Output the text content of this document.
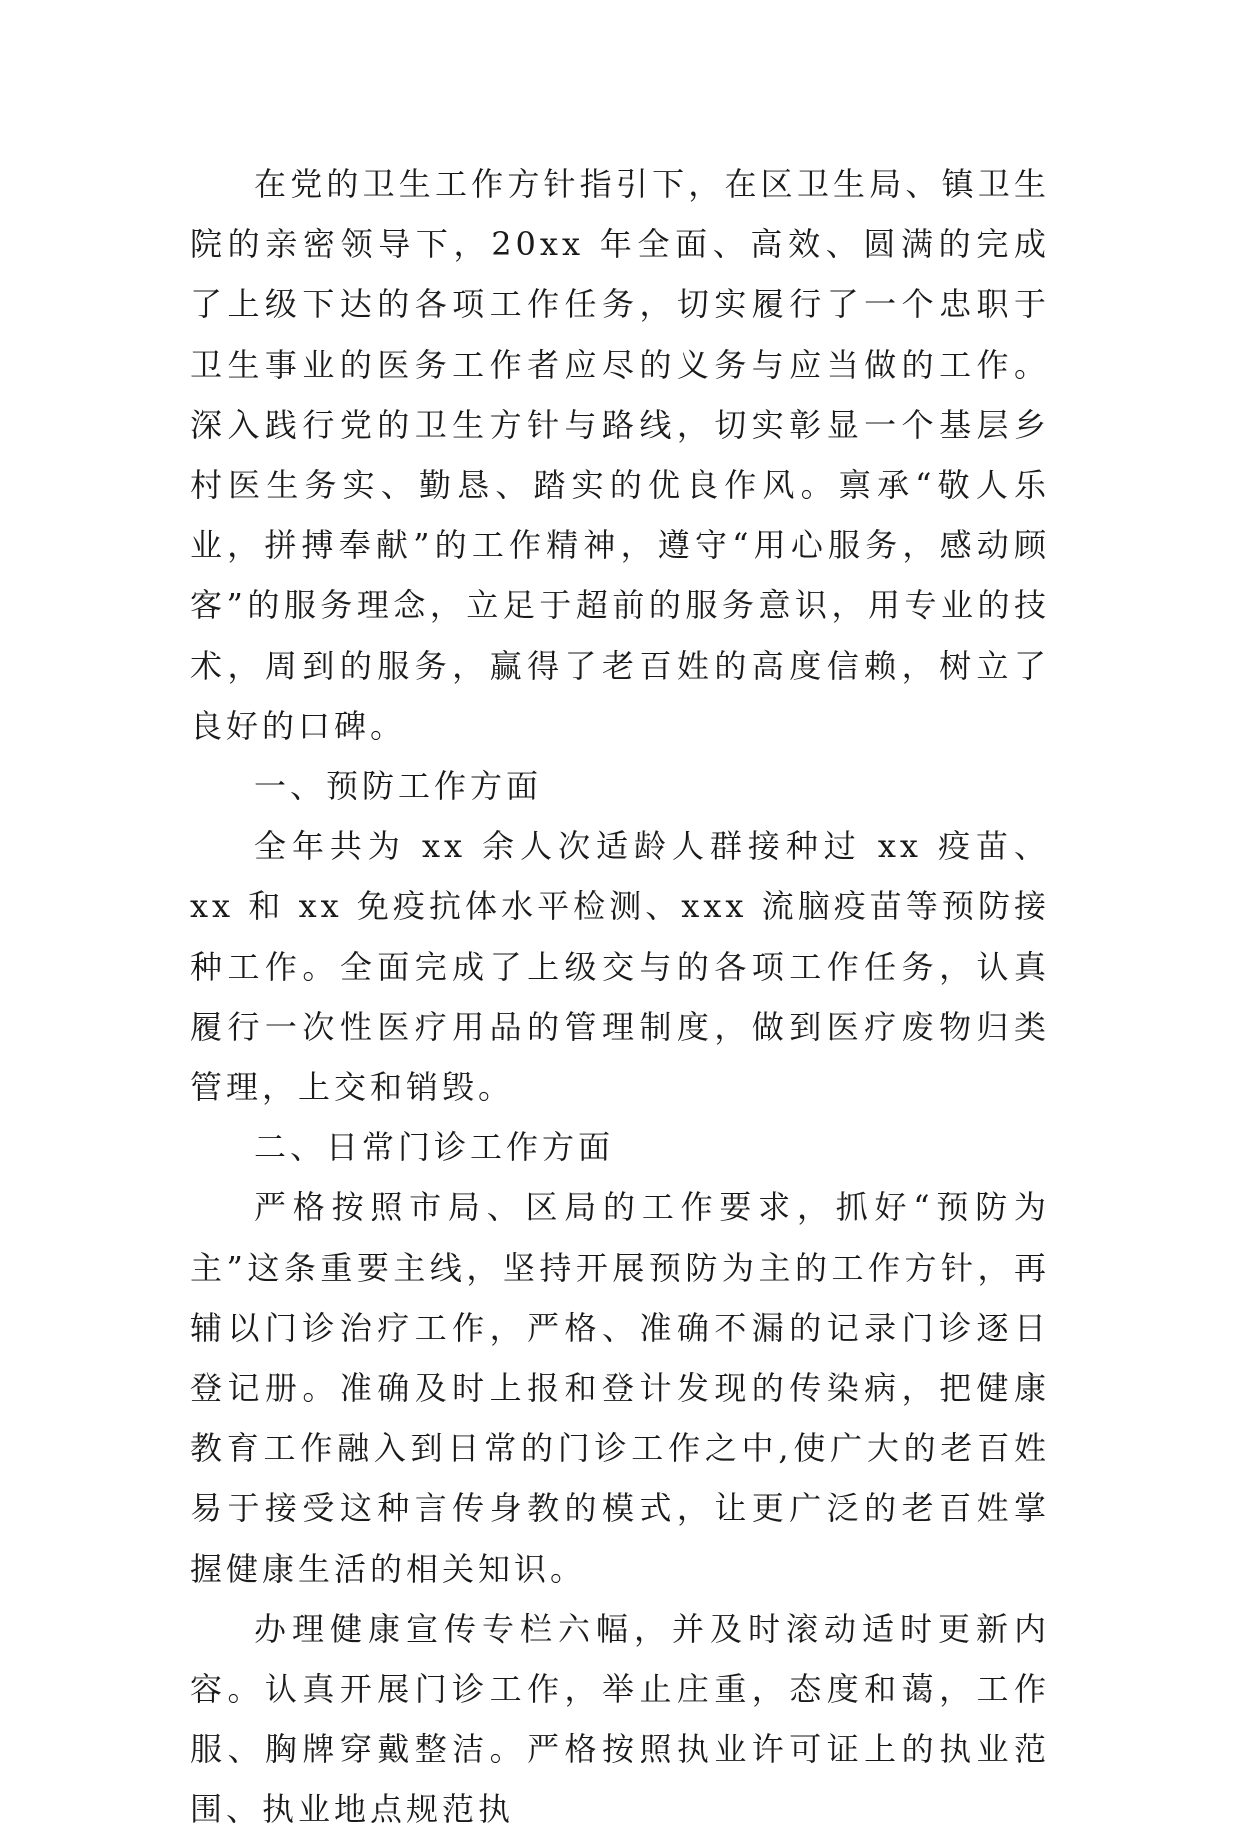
在党的卫生工作方针指引下，在区卫生局、镇卫生院的亲密领导下，20xx 年全面、高效、圆满的完成了上级下达的各项工作任务，切实履行了一个忠职于卫生事业的医务工作者应尽的义务与应当做的工作。深入践行党的卫生方针与路线，切实彰显一个基层乡村医生务实、勤恳、踏实的优良作风。禀承“敬人乐业，拼搏奉献”的工作精神，遵守“用心服务，感动顾客”的服务理念，立足于超前的服务意识，用专业的技术，周到的服务，赢得了老百姓的高度信赖，树立了良好的口碑。

一、预防工作方面

全年共为 xx 余人次适龄人群接种过 xx 疫苗、xx 和 xx 免疫抗体水平检测、xxx 流脑疫苗等预防接种工作。全面完成了上级交与的各项工作任务，认真履行一次性医疗用品的管理制度，做到医疗废物归类管理，上交和销毁。

二、日常门诊工作方面

严格按照市局、区局的工作要求，抓好“预防为主”这条重要主线，坚持开展预防为主的工作方针，再辅以门诊治疗工作，严格、准确不漏的记录门诊逐日登记册。准确及时上报和登计发现的传染病，把健康教育工作融入到日常的门诊工作之中,使广大的老百姓易于接受这种言传身教的模式，让更广泛的老百姓掌握健康生活的相关知识。

办理健康宣传专栏六幅，并及时滚动适时更新内容。认真开展门诊工作，举止庄重，态度和蔼，工作服、胸牌穿戴整洁。严格按照执业许可证上的执业范围、执业地点规范执
